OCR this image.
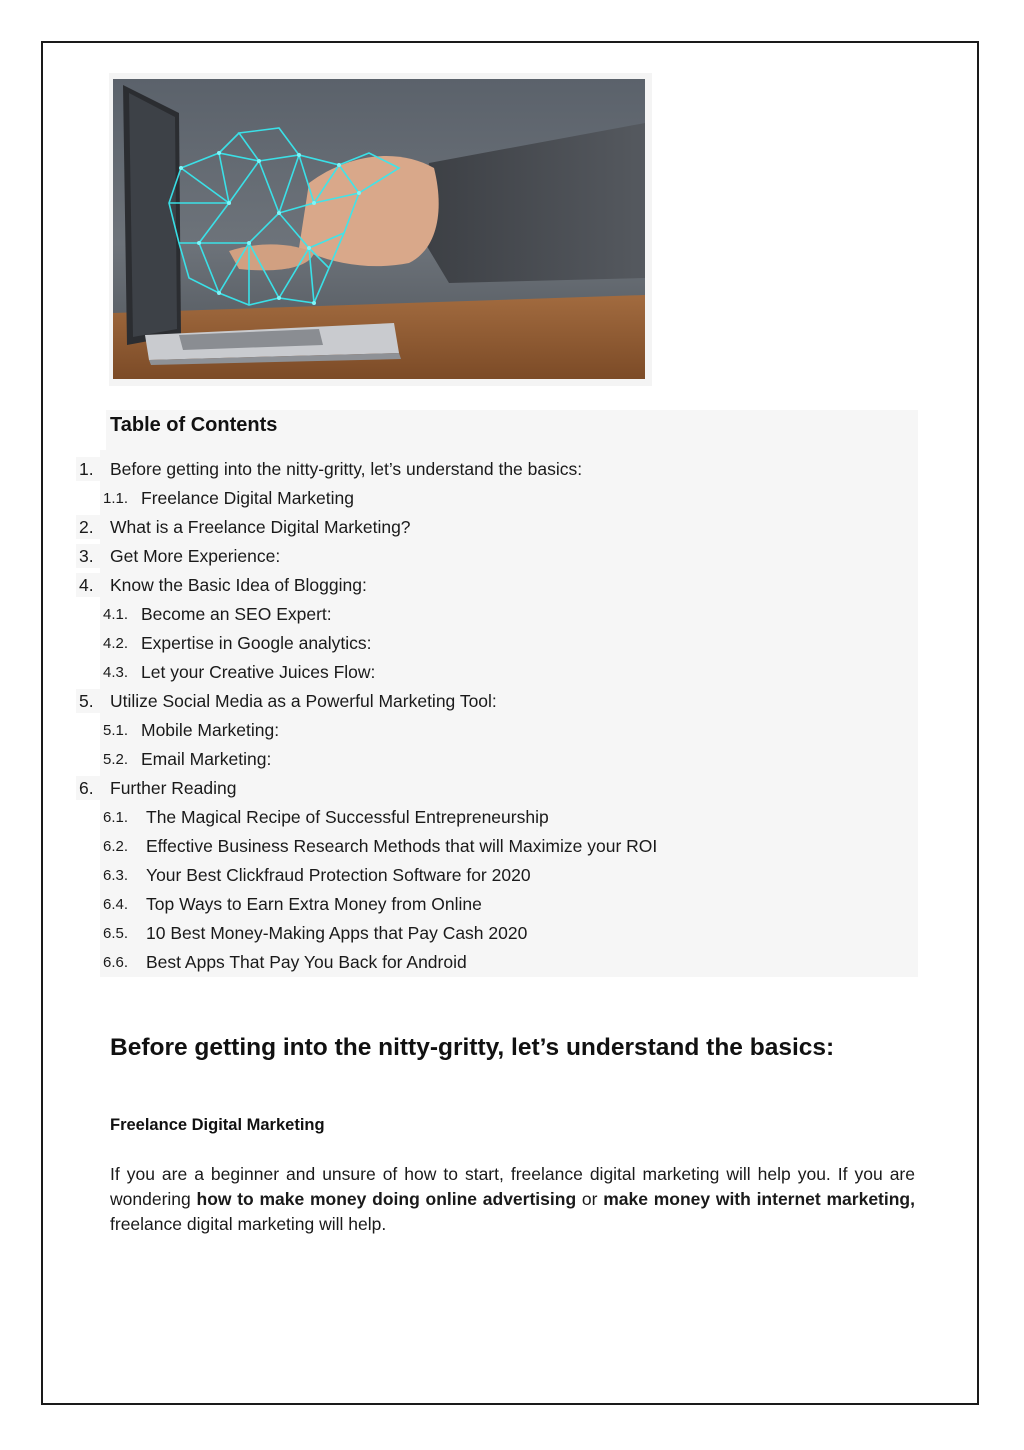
Table of Contents
1. Before getting into the nitty-gritty, let’s understand the basics:
1.1. Freelance Digital Marketing
2. What is a Freelance Digital Marketing?
3. Get More Experience:
4. Know the Basic Idea of Blogging:
4.1. Become an SEO Expert:
4.2. Expertise in Google analytics:
4.3. Let your Creative Juices Flow:
5. Utilize Social Media as a Powerful Marketing Tool:
5.1. Mobile Marketing:
5.2. Email Marketing:
6. Further Reading
6.1. The Magical Recipe of Successful Entrepreneurship
6.2. Effective Business Research Methods that will Maximize your ROI
6.3. Your Best Clickfraud Protection Software for 2020
6.4. Top Ways to Earn Extra Money from Online
6.5. 10 Best Money-Making Apps that Pay Cash 2020
6.6. Best Apps That Pay You Back for Android
Before getting into the nitty-gritty, let’s understand the basics:
Freelance Digital Marketing
If you are a beginner and unsure of how to start, freelance digital marketing will help you. If you are wondering how to make money doing online advertising or make money with internet marketing, freelance digital marketing will help.
